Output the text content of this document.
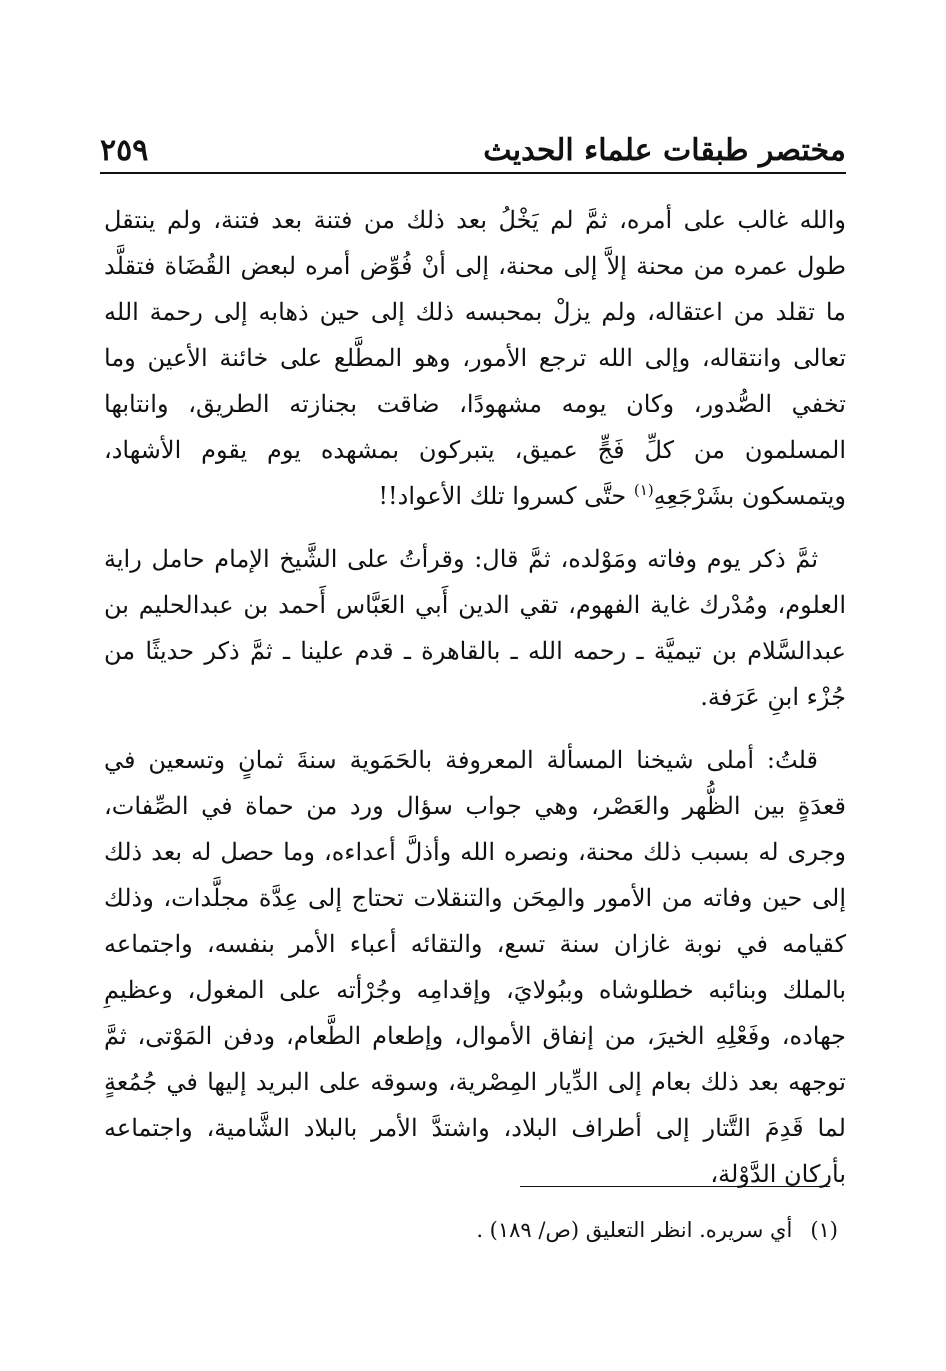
مختصر طبقات علماء الحديث
٢٥٩

والله غالب على أمره، ثمَّ لم يَخْلُ بعد ذلك من فتنة بعد فتنة، ولم ينتقل طول عمره من محنة إلاَّ إلى محنة، إلى أنْ فُوِّض أمره لبعض القُضَاة فتقلَّد ما تقلد من اعتقاله، ولم يزلْ بمحبسه ذلك إلى حين ذهابه إلى رحمة الله تعالى وانتقاله، وإلى الله ترجع الأمور، وهو المطَّلع على خائنة الأعين وما تخفي الصُّدور، وكان يومه مشهودًا، ضاقت بجنازته الطريق، وانتابها المسلمون من كلِّ فَجٍّ عميق، يتبركون بمشهده يوم يقوم الأشهاد، ويتمسكون بشَرْجَعِهِ$^{(١)}$ حتَّى كسروا تلك الأعواد!!

ثمَّ ذكر يوم وفاته ومَوْلده، ثمَّ قال: وقرأتُ على الشَّيخ الإمام حامل راية العلوم، ومُدْرك غاية الفهوم، تقي الدين أَبي العَبَّاس أَحمد بن عبدالحليم بن عبدالسَّلام بن تيميَّة ـ رحمه الله ـ بالقاهرة ـ قدم علينا ـ ثمَّ ذكر حديثًا من جُزْء ابنِ عَرَفة.

قلتُ: أملى شيخنا المسألة المعروفة بالحَمَوية سنةَ ثمانٍ وتسعين في قعدَةٍ بين الظُّهر والعَصْر، وهي جواب سؤال ورد من حماة في الصِّفات، وجرى له بسبب ذلك محنة، ونصره الله وأذلَّ أعداءه، وما حصل له بعد ذلك إلى حين وفاته من الأمور والمِحَن والتنقلات تحتاج إلى عِدَّة مجلَّدات، وذلك كقيامه في نوبة غازان سنة تسع، والتقائه أعباء الأمر بنفسه، واجتماعه بالملك وبنائبه خطلوشاه وببُولايَ، وإقدامِه وجُرْأته على المغول، وعظيمِ جهاده، وفَعْلِهِ الخيرَ، من إنفاق الأموال، وإطعام الطَّعام، ودفن المَوْتى، ثمَّ توجهه بعد ذلك بعام إلى الدِّيار المِصْرية، وسوقه على البريد إليها في جُمُعةٍ لما قَدِمَ التَّتار إلى أطراف البلاد، واشتدَّ الأمر بالبلاد الشَّامية، واجتماعه بأركان الدَّوْلة،

(١)أي سريره. انظر التعليق (ص/ ١٨٩) .
